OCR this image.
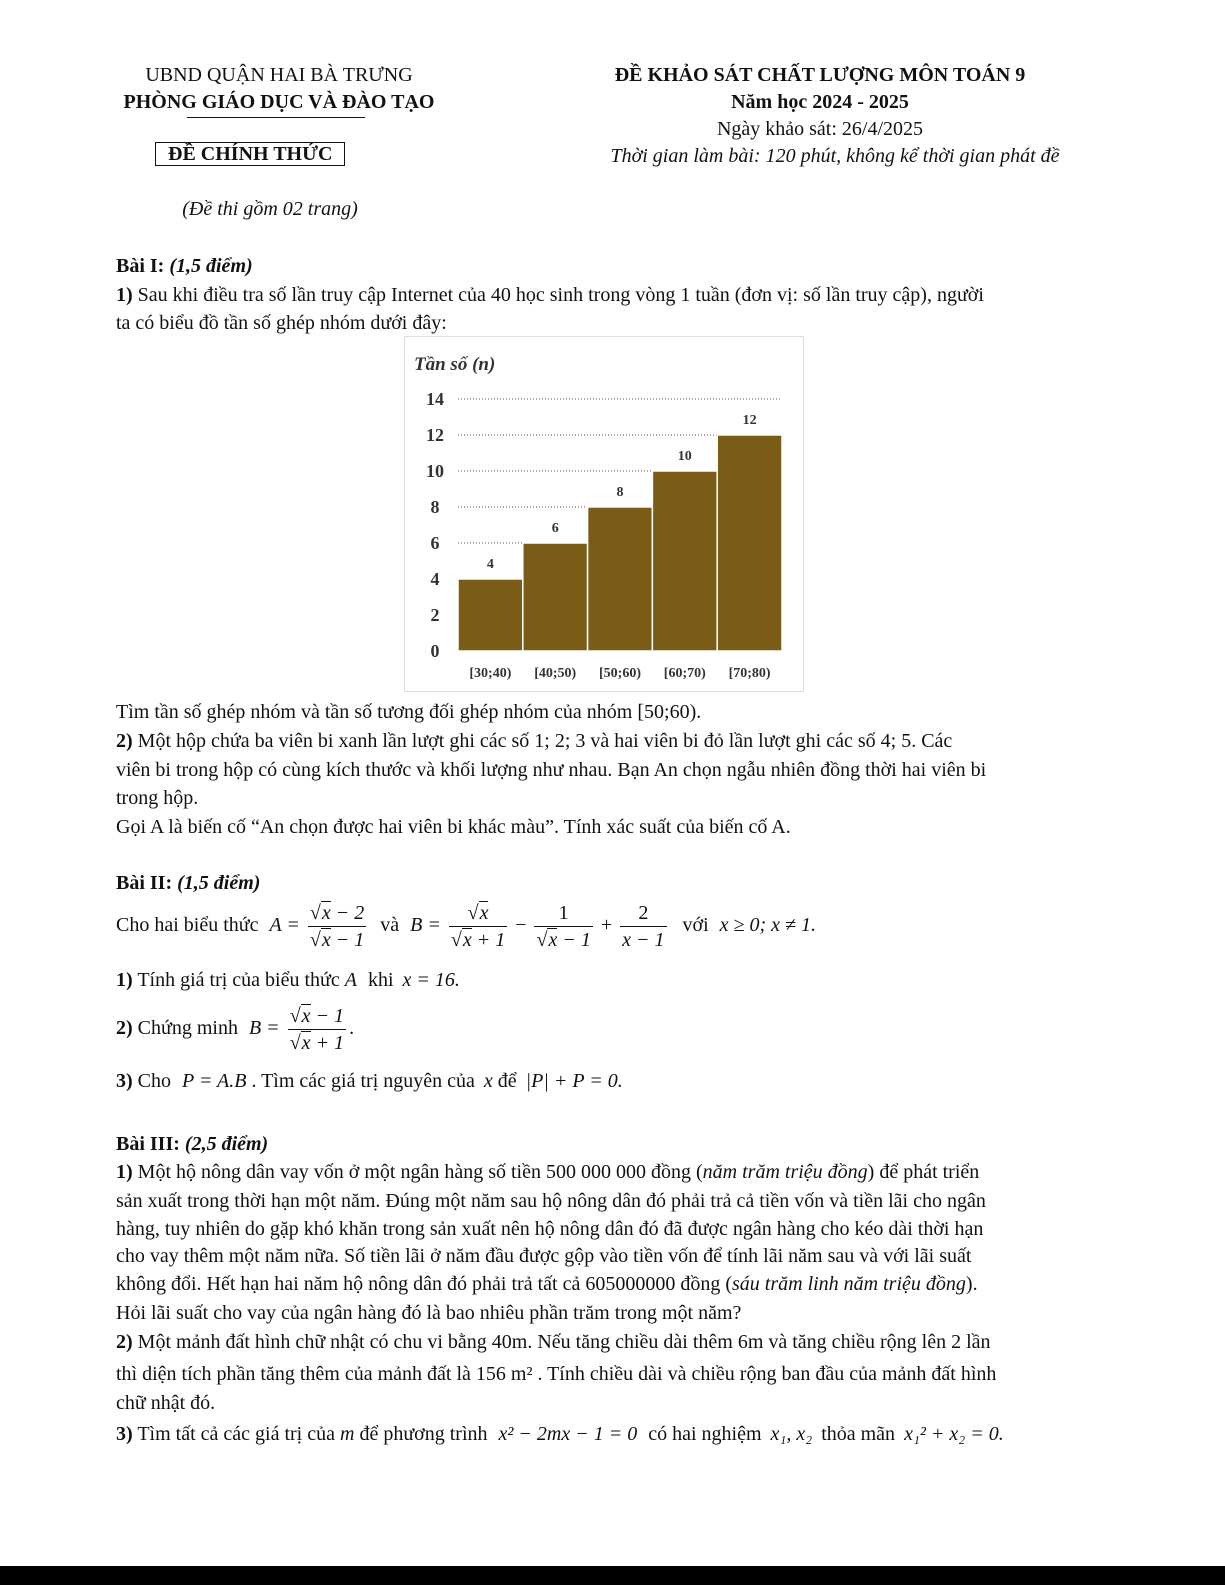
UBND QUẬN HAI BÀ TRƯNG
PHÒNG GIÁO DỤC VÀ ĐÀO TẠO
ĐỀ CHÍNH THỨC
(Đề thi gồm 02 trang)
ĐỀ KHẢO SÁT CHẤT LƯỢNG MÔN TOÁN 9
Năm học 2024 - 2025
Ngày khảo sát: 26/4/2025
Thời gian làm bài: 120 phút, không kể thời gian phát đề
Bài I: (1,5 điểm)
1) Sau khi điều tra số lần truy cập Internet của 40 học sinh trong vòng 1 tuần (đơn vị: số lần truy cập), người
ta có biểu đồ tần số ghép nhóm dưới đây:
4
6
8
10
12
0
2
4
6
8
10
12
14
[30;40) [40;50) [50;60) [60;70) [70;80)
Tần số (n)
Tìm tần số ghép nhóm và tần số tương đối ghép nhóm của nhóm [50;60).
2) Một hộp chứa ba viên bi xanh lần lượt ghi các số 1; 2; 3 và hai viên bi đỏ lần lượt ghi các số 4; 5. Các
viên bi trong hộp có cùng kích thước và khối lượng như nhau. Bạn An chọn ngẫu nhiên đồng thời hai viên bi
trong hộp.
Gọi A là biến cố “An chọn được hai viên bi khác màu”. Tính xác suất của biến cố A.
Bài II: (1,5 điểm)
Cho hai biểu thức $A = \frac{√x - 2}{√x - 1}$ và $B = \frac{√x}{√x + 1} - \frac{1}{√x - 1} + \frac{2}{x - 1}$ với x ≥ 0; x ≠ 1.
1) Tính giá trị của biểu thức A khi x = 16.
2) Chứng minh $B = \frac{√x - 1}{√x + 1}$ .
3) Cho P = A.B . Tìm các giá trị nguyên của x để |P| + P = 0.
Bài III: (2,5 điểm)
1) Một hộ nông dân vay vốn ở một ngân hàng số tiền 500 000 000 đồng (năm trăm triệu đồng) để phát triển
sản xuất trong thời hạn một năm. Đúng một năm sau hộ nông dân đó phải trả cả tiền vốn và tiền lãi cho ngân
hàng, tuy nhiên do gặp khó khăn trong sản xuất nên hộ nông dân đó đã được ngân hàng cho kéo dài thời hạn
cho vay thêm một năm nữa. Số tiền lãi ở năm đầu được gộp vào tiền vốn để tính lãi năm sau và với lãi suất
không đổi. Hết hạn hai năm hộ nông dân đó phải trả tất cả 605000000 đồng (sáu trăm linh năm triệu đồng).
Hỏi lãi suất cho vay của ngân hàng đó là bao nhiêu phần trăm trong một năm?
2) Một mảnh đất hình chữ nhật có chu vi bằng 40m. Nếu tăng chiều dài thêm 6m và tăng chiều rộng lên 2 lần
thì diện tích phần tăng thêm của mảnh đất là 156 m² . Tính chiều dài và chiều rộng ban đầu của mảnh đất hình
chữ nhật đó.
3) Tìm tất cả các giá trị của m để phương trình x² − 2mx − 1 = 0 có hai nghiệm x₁, x₂ thỏa mãn x₁² + x₂ = 0.
